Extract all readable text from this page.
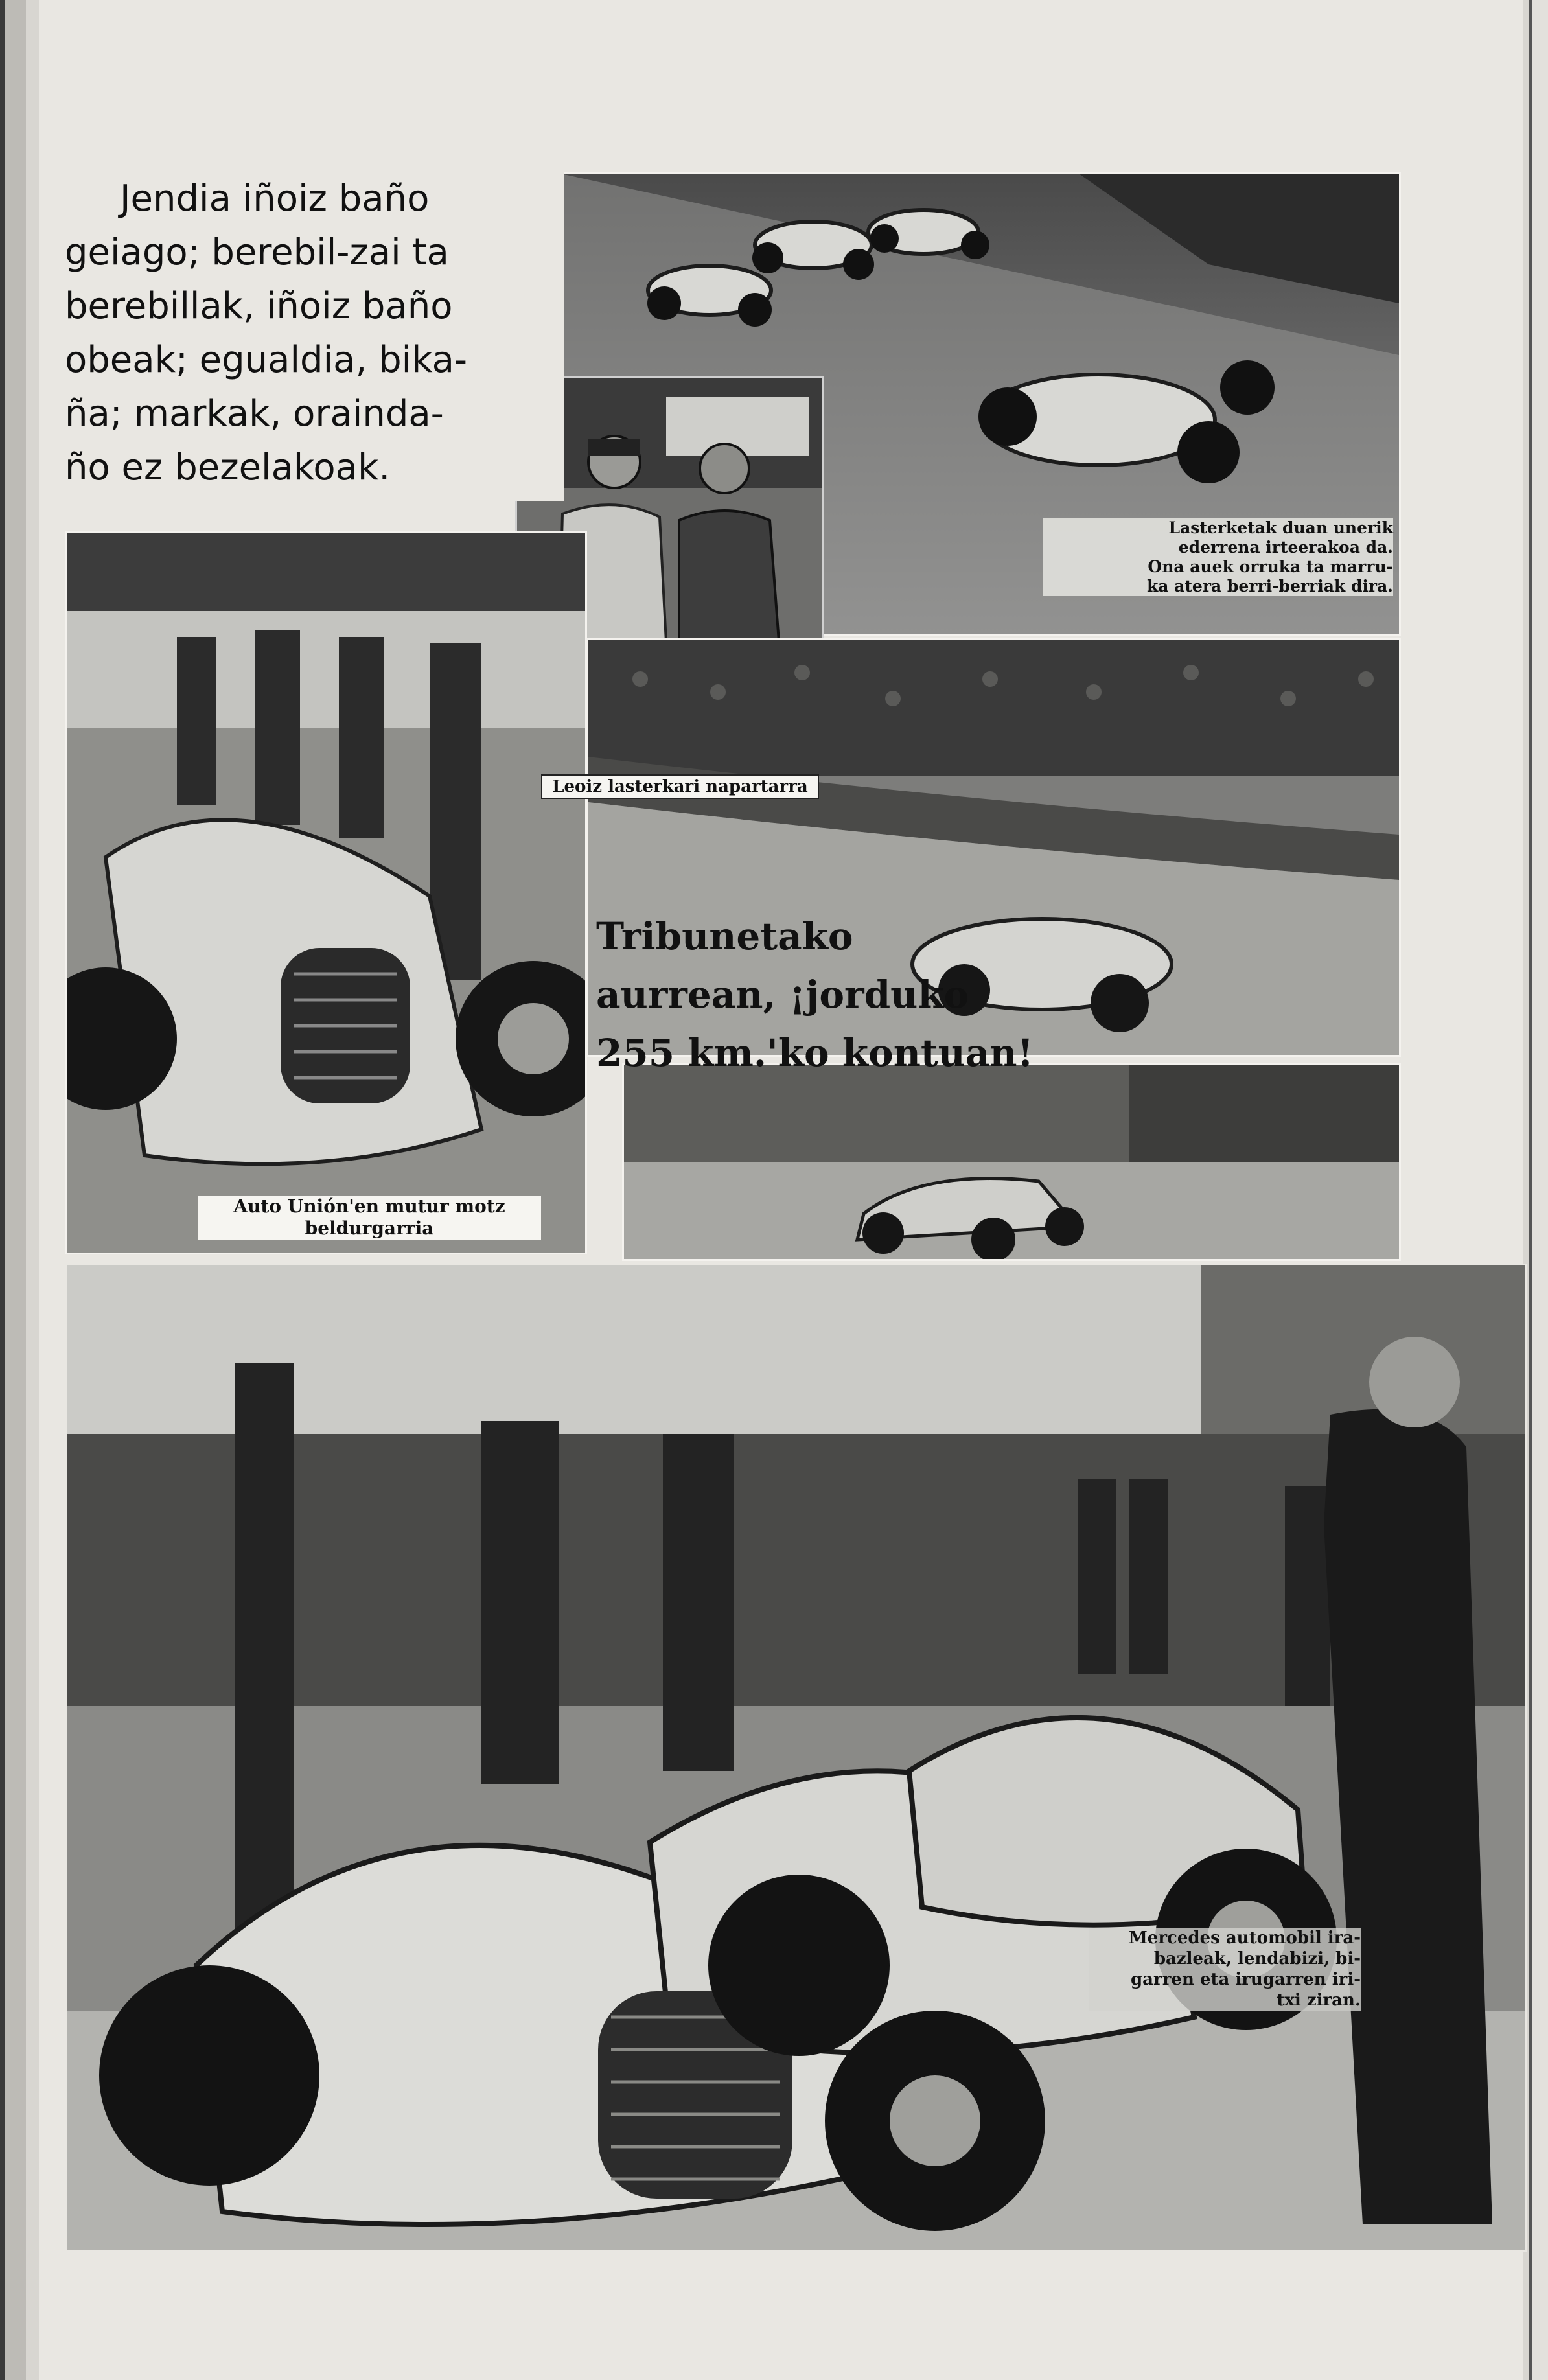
Jendia iñoiz baño
geiago; berebil-zai ta
berebillak, iñoiz baño
obeak; egualdia, bika-
ña; markak, orainda-
ño ez bezelakoak.
Lasterketak duan unerik
ederrena irteerakoa da.
Ona auek orruka ta marru-
ka atera berri-berriak dira.
Leoiz lasterkari napartarra
Auto Unión'en mutur motz
beldurgarria
Mercedes automobil ira-
bazleak, lendabizi, bi-
garren eta irugarren iri-
txi ziran.
Tribunetako
aurrean, ¡jorduko
255 km.'ko kontuan!
